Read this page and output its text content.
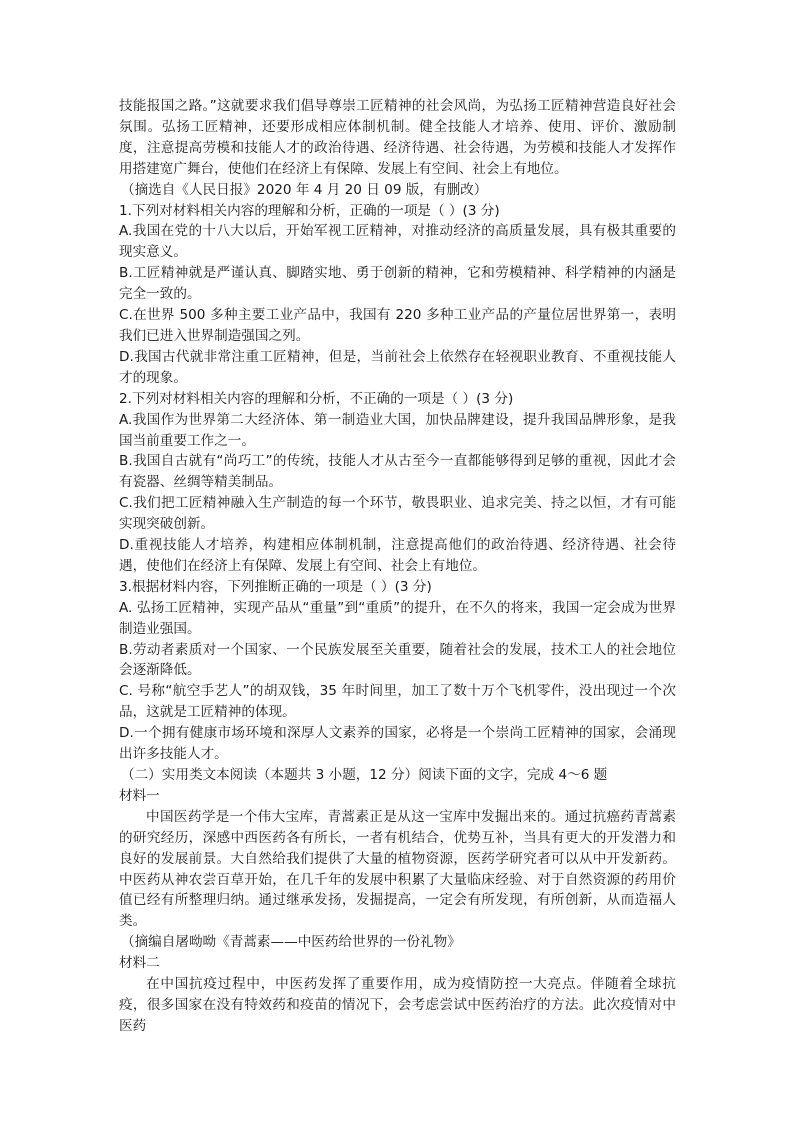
技能报国之路。”这就要求我们倡导尊崇工匠精神的社会风尚，为弘扬工匠精神营造良好社会氛围。弘扬工匠精神，还要形成相应体制机制。健全技能人才培养、使用、评价、激励制度，注意提高劳模和技能人才的政治待遇、经济待遇、社会待遇，为劳模和技能人才发挥作用搭建宽广舞台，使他们在经济上有保障、发展上有空间、社会上有地位。

（摘选自《人民日报》2020 年 4 月 20 日 09 版，有删改）

1.下列对材料相关内容的理解和分析，正确的一项是（ ）(3 分)

A.我国在党的十八大以后，开始军视工匠精神，对推动经济的高质量发展，具有极其重要的现实意义。

B.工匠精神就是严谨认真、脚踏实地、勇于创新的精神，它和劳模精神、科学精神的内涵是完全一致的。

C.在世界 500 多种主要工业产品中，我国有 220 多种工业产品的产量位居世界第一，表明我们已进入世界制造强国之列。

D.我国古代就非常注重工匠精神，但是，当前社会上依然存在轻视职业教育、不重视技能人才的现象。

2.下列对材料相关内容的理解和分析，不正确的一项是（ ）(3 分)

A.我国作为世界第二大经济体、第一制造业大国，加快品牌建设，提升我国品牌形象，是我国当前重要工作之一。

B.我国自古就有“尚巧工”的传统，技能人才从古至今一直都能够得到足够的重视，因此才会有瓷器、丝绸等精美制品。

C.我们把工匠精神融入生产制造的每一个环节，敬畏职业、追求完美、持之以恒，才有可能实现突破创新。

D.重视技能人才培养，构建相应体制机制，注意提高他们的政治待遇、经济待遇、社会待遇，使他们在经济上有保障、发展上有空间、社会上有地位。

3.根据材料内容，下列推断正确的一项是（ ）(3 分)

A. 弘扬工匠精神，实现产品从“重量”到“重质”的提升，在不久的将来，我国一定会成为世界制造业强国。

B.劳动者素质对一个国家、一个民族发展至关重要，随着社会的发展，技术工人的社会地位会逐渐降低。

C. 号称“航空手艺人”的胡双钱，35 年时间里，加工了数十万个飞机零件，没出现过一个次品，这就是工匠精神的体现。

D.一个拥有健康市场环境和深厚人文素养的国家，必将是一个崇尚工匠精神的国家，会涌现出许多技能人才。

（二）实用类文本阅读（本题共 3 小题，12 分）阅读下面的文字，完成 4～6 题

材料一

中国医药学是一个伟大宝库，青蒿素正是从这一宝库中发掘出来的。通过抗癌药青蒿素的研究经历，深感中西医药各有所长，一者有机结合，优势互补，当具有更大的开发潜力和良好的发展前景。大自然给我们提供了大量的植物资源，医药学研究者可以从中开发新药。中医药从神农尝百草开始，在几千年的发展中积累了大量临床经验、对于自然资源的药用价值已经有所整理归纳。通过继承发扬，发掘提高，一定会有所发现，有所创新，从而造福人类。

（摘编自屠呦呦《青蒿素——中医药给世界的一份礼物》

材料二

在中国抗疫过程中，中医药发挥了重要作用，成为疫情防控一大亮点。伴随着全球抗疫，很多国家在没有特效药和疫苗的情况下，会考虑尝试中医药治疗的方法。此次疫情对中医药
